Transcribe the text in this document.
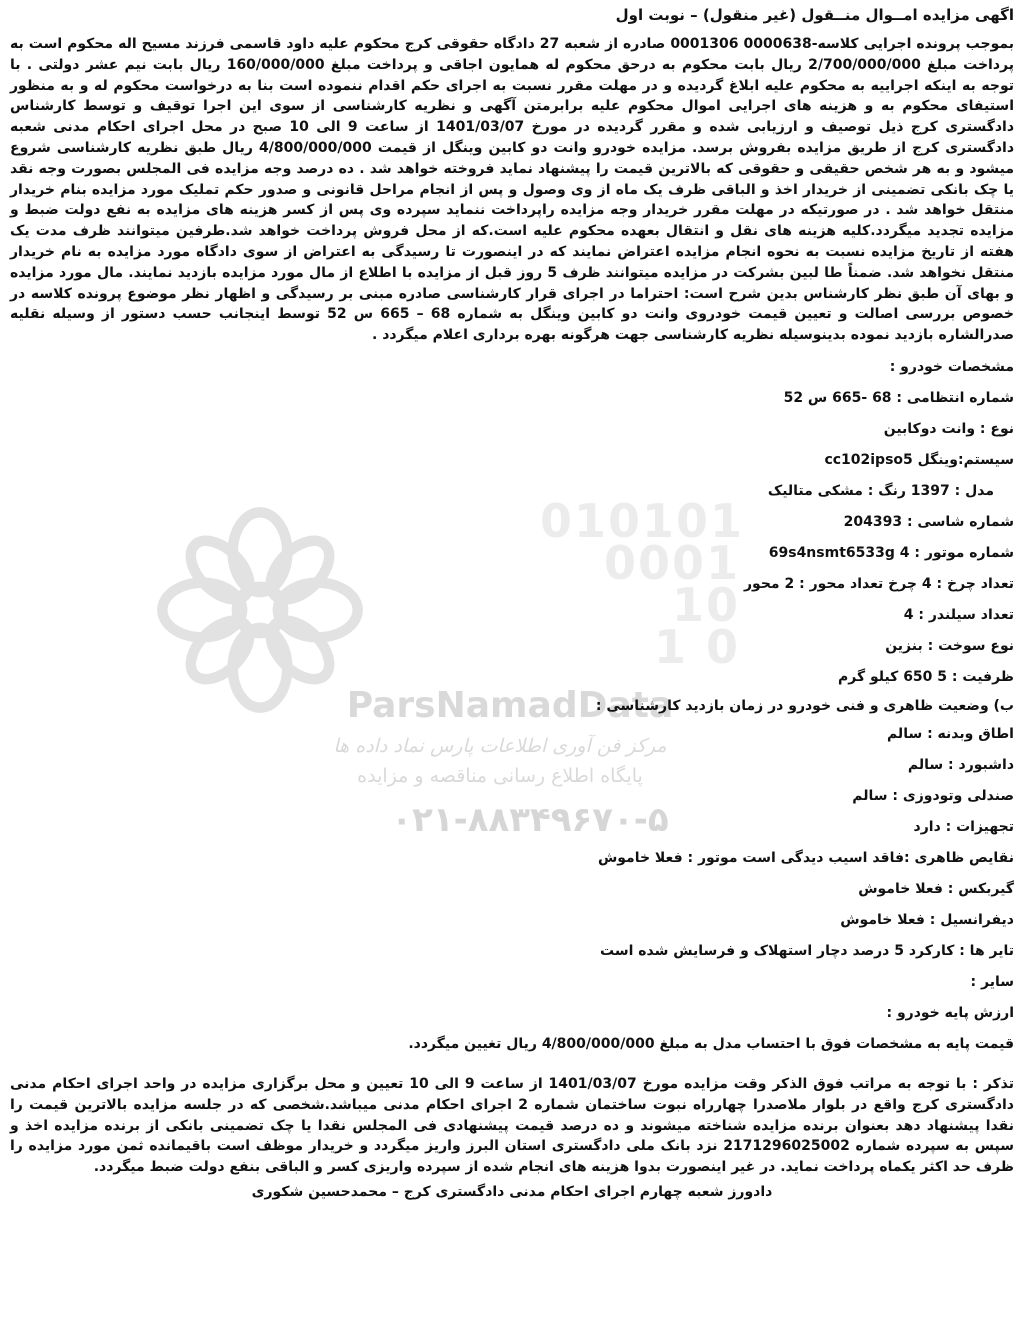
010101
0001
10
1 0
ParsNamadData
مرکز فن آوری اطلاعات پارس نماد داده ها
پایگاه اطلاع رسانی مناقصه و مزایده
۰۲۱-۸۸۳۴۹۶۷۰-۵
اگهی مزایده امــوال منــقول (غیر منقول) – نوبت اول

بموجب پرونده اجرایی کلاسه-0000638 0001306 صادره از شعبه 27 دادگاه حقوقی کرج محکوم علیه داود قاسمی فرزند مسیح اله محکوم است به پرداخت مبلغ 2/700/000/000 ریال بابت محکوم به درحق محکوم له همایون اجاقی و پرداخت مبلغ 160/000/000 ریال بابت نیم عشر دولتی . با توجه به اینکه اجراییه به محکوم علیه ابلاغ گردیده و در مهلت مقرر نسبت به اجرای حکم اقدام ننموده است بنا به درخواست محکوم له و به منظور استیفای محکوم به و هزینه های اجرایی اموال محکوم علیه برابرمتن آگهی و نظریه کارشناسی از سوی این اجرا توقیف و توسط کارشناس دادگستری کرج ذیل توصیف و ارزیابی شده و مقرر گردیده در مورخ 1401/03/07 از ساعت 9 الی 10 صبح در محل اجرای احکام مدنی شعبه دادگستری کرج از طریق مزایده بفروش برسد. مزایده خودرو وانت دو کابین وینگل از قیمت 4/800/000/000 ریال طبق نظریه کارشناسی شروع میشود و به هر شخص حقیقی و حقوقی که بالاترین قیمت را پیشنهاد نماید فروخته خواهد شد . ده درصد وجه مزایده فی المجلس بصورت وجه نقد یا چک بانکی تضمینی از خریدار اخذ و الباقی ظرف یک ماه از وی وصول و پس از انجام مراحل قانونی و صدور حکم تملیک مورد مزایده بنام خریدار منتقل خواهد شد . در صورتیکه در مهلت مقرر خریدار وجه مزایده راپرداخت ننماید سپرده وی پس از کسر هزینه های مزایده به نفع دولت ضبط و مزایده تجدید میگردد.کلیه هزینه های نقل و انتقال بعهده محکوم علیه است.که از محل فروش پرداخت خواهد شد.طرفین میتوانند ظرف مدت یک هفته از تاریخ مزایده نسبت به نحوه انجام مزایده اعتراض نمایند که در اینصورت تا رسیدگی به اعتراض از سوی دادگاه مورد مزایده به نام خریدار منتقل نخواهد شد. ضمناً طا لبین بشرکت در مزایده میتوانند ظرف 5 روز قبل از مزایده با اطلاع از مال مورد مزایده بازدید نمایند. مال مورد مزایده و بهای آن طبق نظر کارشناس بدین شرح است: احتراما در اجرای قرار کارشناسی صادره مبنی بر رسیدگی و اظهار نظر موضوع پرونده کلاسه در خصوص بررسی اصالت و تعیین قیمت خودروی وانت دو کابین وینگل به شماره 68 – 665 س 52 توسط اینجانب حسب دستور از وسیله نقلیه صدرالشاره بازدید نموده بدینوسیله نظریه کارشناسی جهت هرگونه بهره برداری اعلام میگردد .

مشخصات خودرو :
شماره انتظامی : 68 -665 س 52
نوع : وانت دوکابین
سیستم:وینگل cc102ipso5
مدل : 1397 رنگ : مشکی متالیک
شماره شاسی : 204393
شماره موتور : 4 69s4nsmt6533g
تعداد چرخ : 4 چرخ تعداد محور : 2 محور
تعداد سیلندر : 4
نوع سوخت : بنزین
ظرفیت : 5 650 کیلو گرم
ب) وضعیت ظاهری و فنی خودرو در زمان بازدید کارشناسی :
اطاق وبدنه : سالم
داشبورد : سالم
صندلی وتودوزی : سالم
تجهیزات : دارد
نقایص ظاهری :فاقد اسیب دیدگی است موتور : فعلا خاموش
گیربکس : فعلا خاموش
دیفرانسیل : فعلا خاموش
تایر ها : کارکرد 5 درصد دچار استهلاک و فرسایش شده است
سایر :
ارزش پایه خودرو :
قیمت پایه به مشخصات فوق با احتساب مدل به مبلغ 4/800/000/000 ریال تغیین میگردد.

تذکر : با توجه به مراتب فوق الذکر وقت مزایده مورخ 1401/03/07 از ساعت 9 الی 10 تعیین و محل برگزاری مزایده در واحد اجرای احکام مدنی دادگستری کرج واقع در بلوار ملاصدرا چهارراه نبوت ساختمان شماره 2 اجرای احکام مدنی میباشد.شخصی که در جلسه مزایده بالاترین قیمت را نقدا پیشنهاد دهد بعنوان برنده مزایده شناخته میشوند و ده درصد قیمت پیشنهادی فی المجلس نقدا یا چک تضمینی بانکی از برنده مزایده اخذ و سپس به سپرده شماره 2171296025002 نزد بانک ملی دادگستری استان البرز واریز میگردد و خریدار موظف است باقیمانده ثمن مورد مزایده را ظرف حد اکثر یکماه پرداخت نماید. در غیر اینصورت بدوا هزینه های انجام شده از سپرده واریزی کسر و الباقی بنفع دولت ضبط میگردد.

دادورز شعبه چهارم اجرای احکام مدنی دادگستری کرج – محمدحسین شکوری
